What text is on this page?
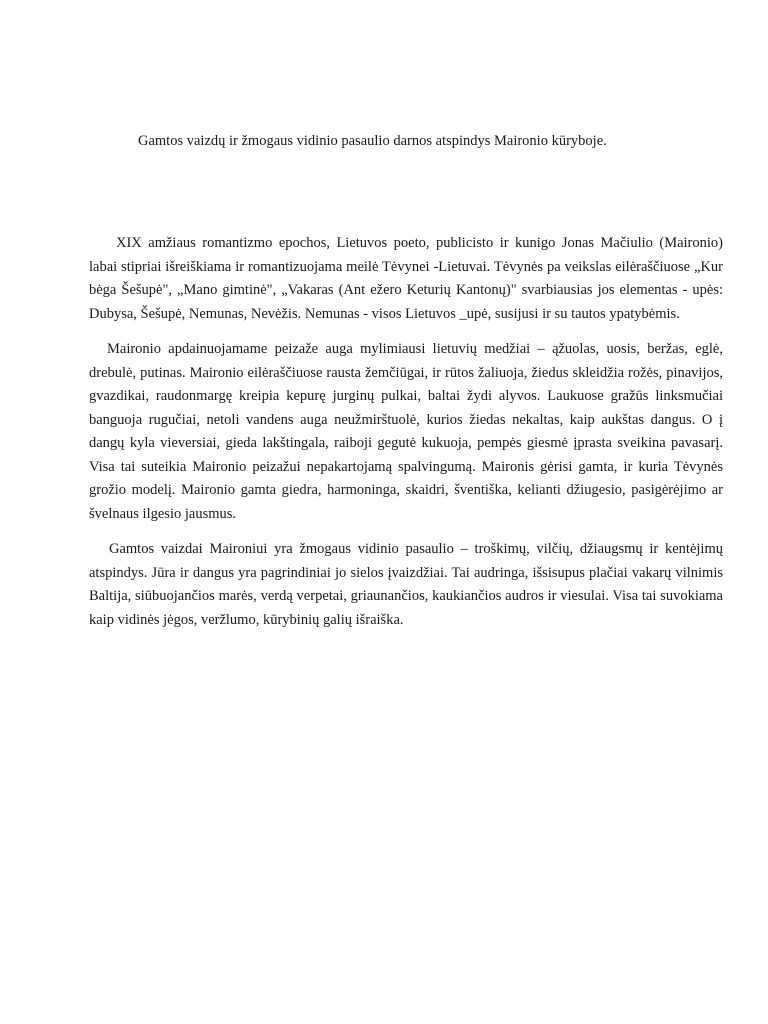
Gamtos vaizdų ir žmogaus vidinio pasaulio darnos atspindys Maironio kūryboje.

XIX amžiaus romantizmo epochos, Lietuvos poeto, publicisto ir kunigo Jonas Mačiulio (Maironio) labai stipriai išreiškiama ir romantizuojama meilė Tėvynei -Lietuvai. Tėvynės pa veikslas eilėraščiuose „Kur bėga Šešupė", „Mano gimtinė", „Vakaras (Ant ežero Keturių Kantonų)" svarbiausias jos elementas - upės: Dubysa, Šešupė, Nemunas, Nevėžis. Nemunas - visos Lietuvos _upė, susijusi ir su tautos ypatybėmis.

Maironio apdainuojamame peizaže auga mylimiausi lietuvių medžiai – ąžuolas, uosis, beržas, eglė, drebulė, putinas. Maironio eilėraščiuose rausta žemčiūgai, ir rūtos žaliuoja, žiedus skleidžia rožės, pinavijos, gvazdikai, raudonmargę kreipia kepurę jurginų pulkai, baltai žydi alyvos. Laukuose gražūs linksmučiai banguoja rugučiai, netoli vandens auga neužmirštuolė, kurios žiedas nekaltas, kaip aukštas dangus. O į dangų kyla vieversiai, gieda lakštingala, raiboji gegutė kukuoja, pempės giesmė įprasta sveikina pavasarį. Visa tai suteikia Maironio peizažui nepakartojamą spalvingumą. Maironis gėrisi gamta, ir kuria Tėvynės grožio modelį. Maironio gamta giedra, harmoninga, skaidri, šventiška, kelianti džiugesio, pasigėrėjimo ar švelnaus ilgesio jausmus.

Gamtos vaizdai Maironiui yra žmogaus vidinio pasaulio – troškimų, vilčių, džiaugsmų ir kentėjimų atspindys. Jūra ir dangus yra pagrindiniai jo sielos įvaizdžiai. Tai audringa, išsisupus plačiai vakarų vilnimis Baltija, siūbuojančios marės, verdą verpetai, griaunančios, kaukiančios audros ir viesulai. Visa tai suvokiama kaip vidinės jėgos, veržlumo, kūrybinių galių išraiška.
